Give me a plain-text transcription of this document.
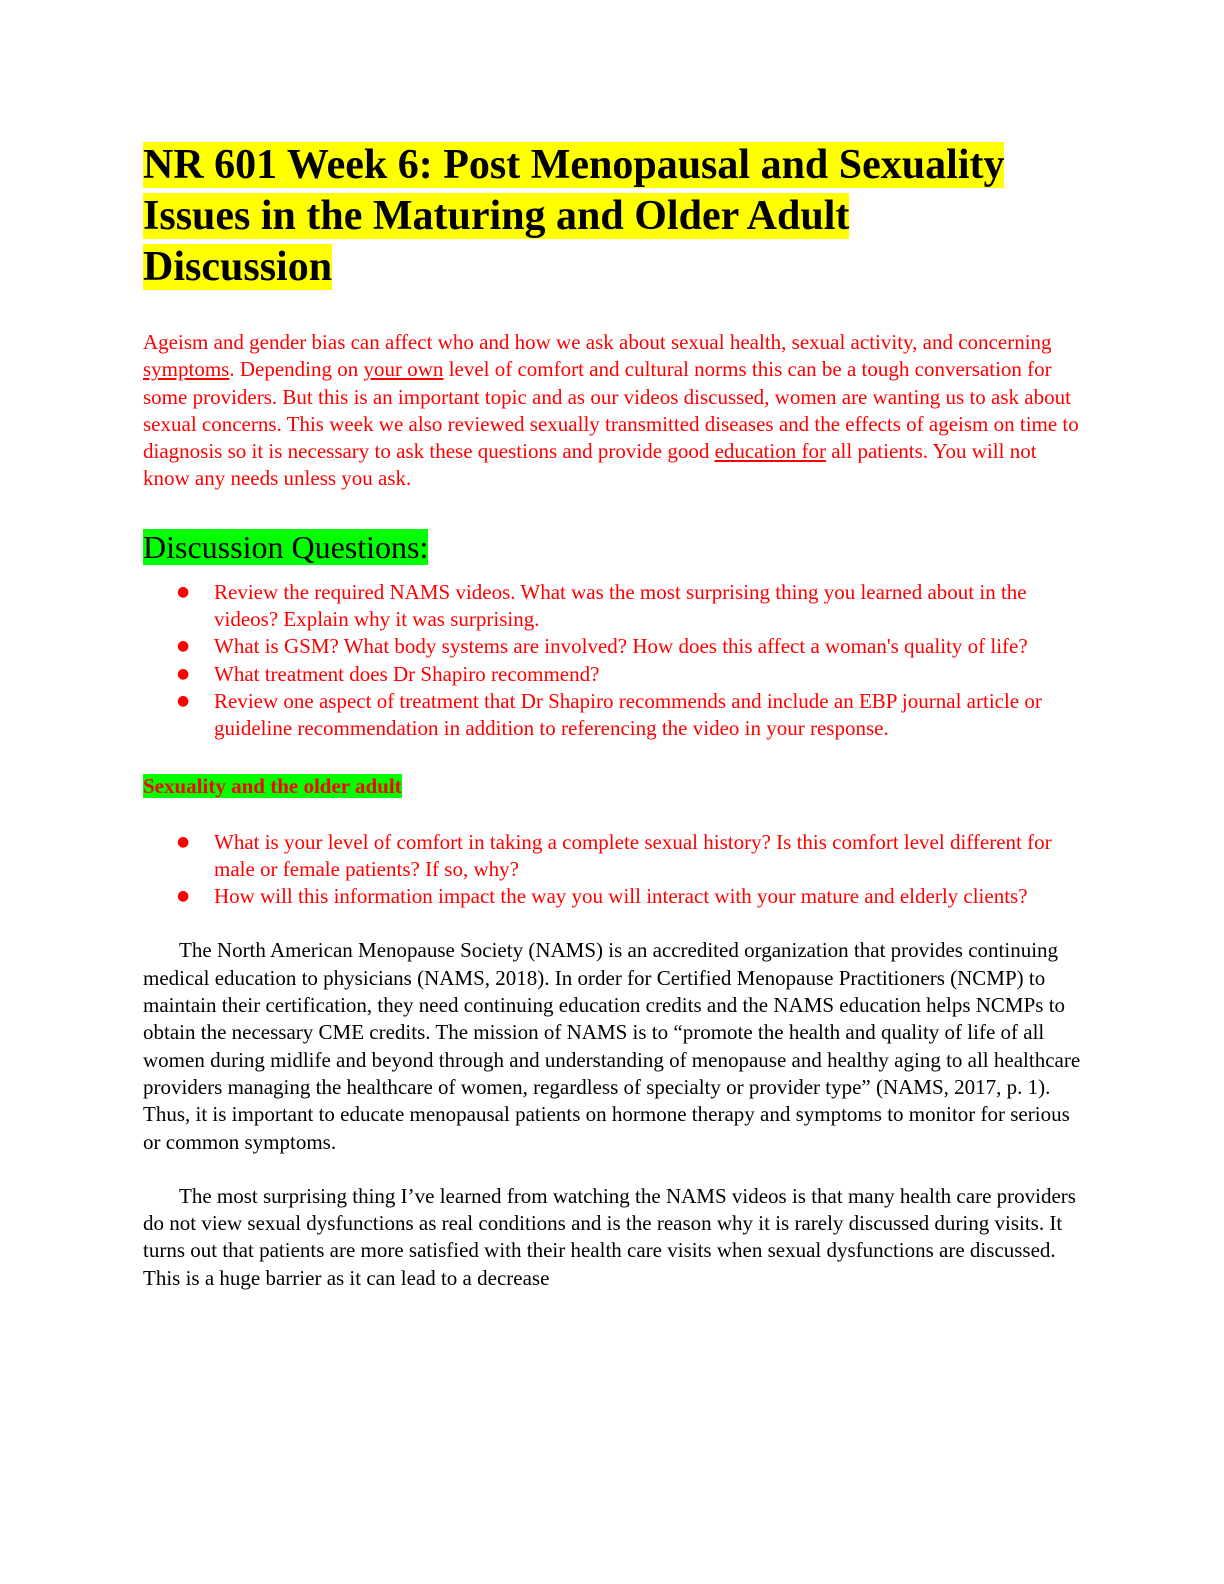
NR 601 Week 6: Post Menopausal and Sexuality
Issues in the Maturing and Older Adult
Discussion

Ageism and gender bias can affect who and how we ask about sexual health, sexual activity, and concerning symptoms. Depending on your own level of comfort and cultural norms this can be a tough conversation for some providers. But this is an important topic and as our videos discussed, women are wanting us to ask about sexual concerns. This week we also reviewed sexually transmitted diseases and the effects of ageism on time to diagnosis so it is necessary to ask these questions and provide good education for all patients. You will not know any needs unless you ask.

Discussion Questions:
● Review the required NAMS videos. What was the most surprising thing you learned about in the videos? Explain why it was surprising.
● What is GSM? What body systems are involved? How does this affect a woman's quality of life?
● What treatment does Dr Shapiro recommend?
● Review one aspect of treatment that Dr Shapiro recommends and include an EBP journal article or guideline recommendation in addition to referencing the video in your response.
Sexuality and the older adult
● What is your level of comfort in taking a complete sexual history? Is this comfort level different for male or female patients? If so, why?
● How will this information impact the way you will interact with your mature and elderly clients?

The North American Menopause Society (NAMS) is an accredited organization that provides continuing medical education to physicians (NAMS, 2018). In order for Certified Menopause Practitioners (NCMP) to maintain their certification, they need continuing education credits and the NAMS education helps NCMPs to obtain the necessary CME credits. The mission of NAMS is to “promote the health and quality of life of all women during midlife and beyond through and understanding of menopause and healthy aging to all healthcare providers managing the healthcare of women, regardless of specialty or provider type” (NAMS, 2017, p. 1). Thus, it is important to educate menopausal patients on hormone therapy and symptoms to monitor for serious or common symptoms.

The most surprising thing I’ve learned from watching the NAMS videos is that many health care providers do not view sexual dysfunctions as real conditions and is the reason why it is rarely discussed during visits. It turns out that patients are more satisfied with their health care visits when sexual dysfunctions are discussed. This is a huge barrier as it can lead to a decrease
